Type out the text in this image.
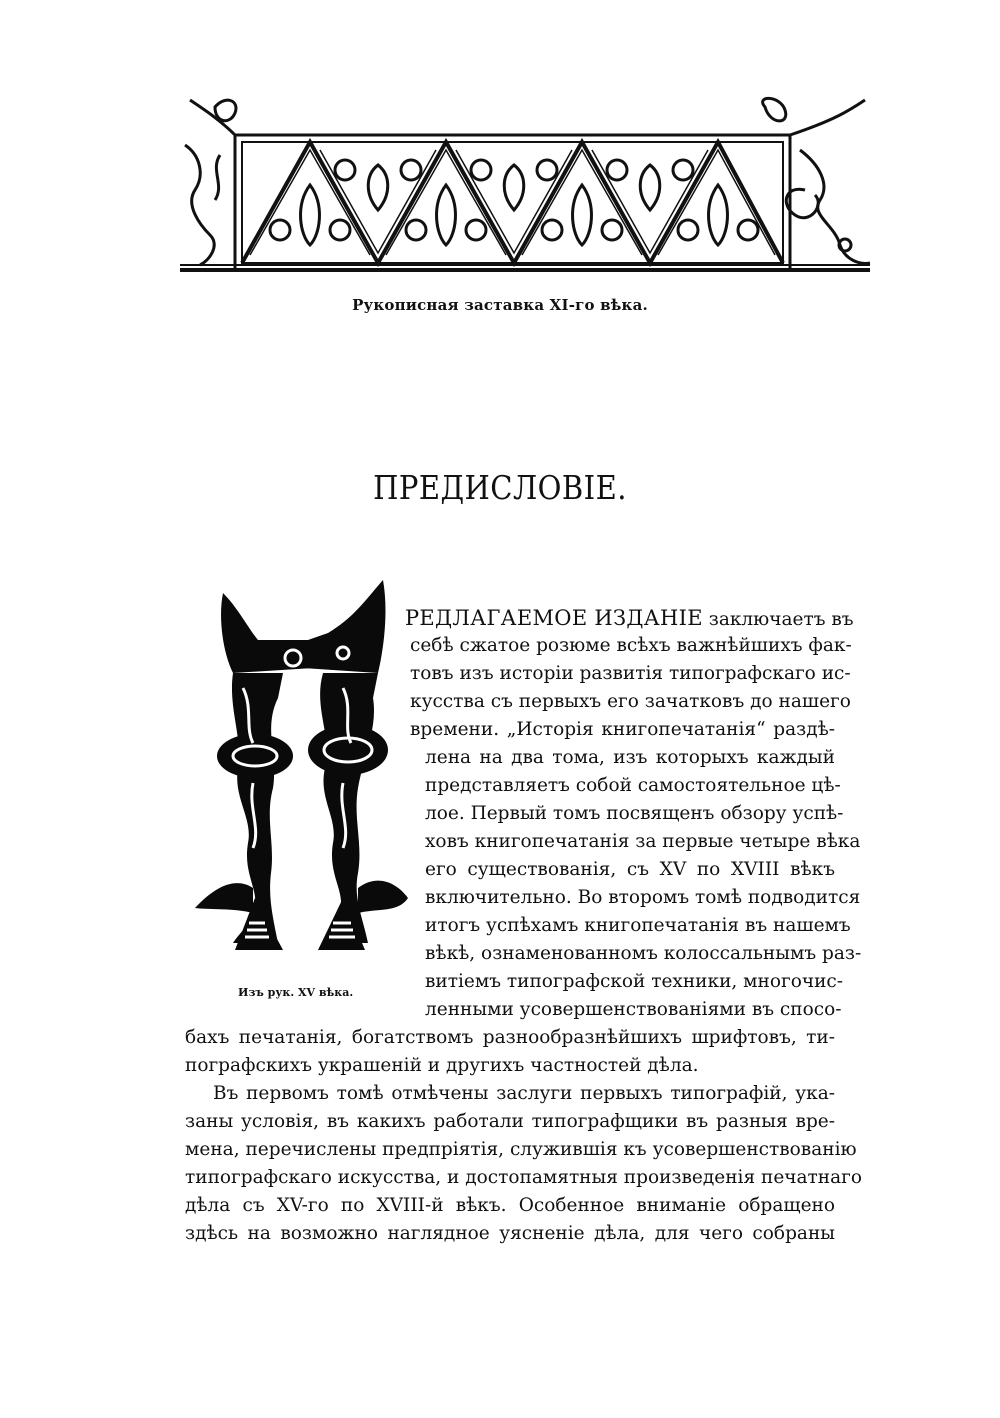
Рукописная заставка XI-го вѣка.
ПРЕДИСЛОВІЕ.
Изъ рук. XV вѣка.
РЕДЛАГАЕМОЕ ИЗДАНІЕ заключаетъ въ
себѣ сжатое розюме всѣхъ важнѣйшихъ фак-
товъ изъ исторіи развитія типографскаго ис-
кусства съ первыхъ его зачатковъ до нашего
времени. „Исторія книгопечатанія“ раздѣ-
лена на два тома, изъ которыхъ каждый
представляетъ собой самостоятельное цѣ-
лое. Первый томъ посвященъ обзору успѣ-
ховъ книгопечатанія за первые четыре вѣка
его существованія, съ XV по XVIII вѣкъ
включительно. Во второмъ томѣ подводится
итогъ успѣхамъ книгопечатанія въ нашемъ
вѣкѣ, ознаменованномъ колоссальнымъ раз-
витіемъ типографской техники, многочис-
ленными усовершенствованіями въ спосо-
бахъ печатанія, богатствомъ разнообразнѣйшихъ шрифтовъ, ти-
пографскихъ украшеній и другихъ частностей дѣла.
Въ первомъ томѣ отмѣчены заслуги первыхъ типографій, ука-
заны условія, въ какихъ работали типографщики въ разныя вре-
мена, перечислены предпріятія, служившія къ усовершенствованію
типографскаго искусства, и достопамятныя произведенія печатнаго
дѣла съ XV-го по XVIII-й вѣкъ. Особенное вниманіе обращено
здѣсь на возможно наглядное уясненіе дѣла, для чего собраны
